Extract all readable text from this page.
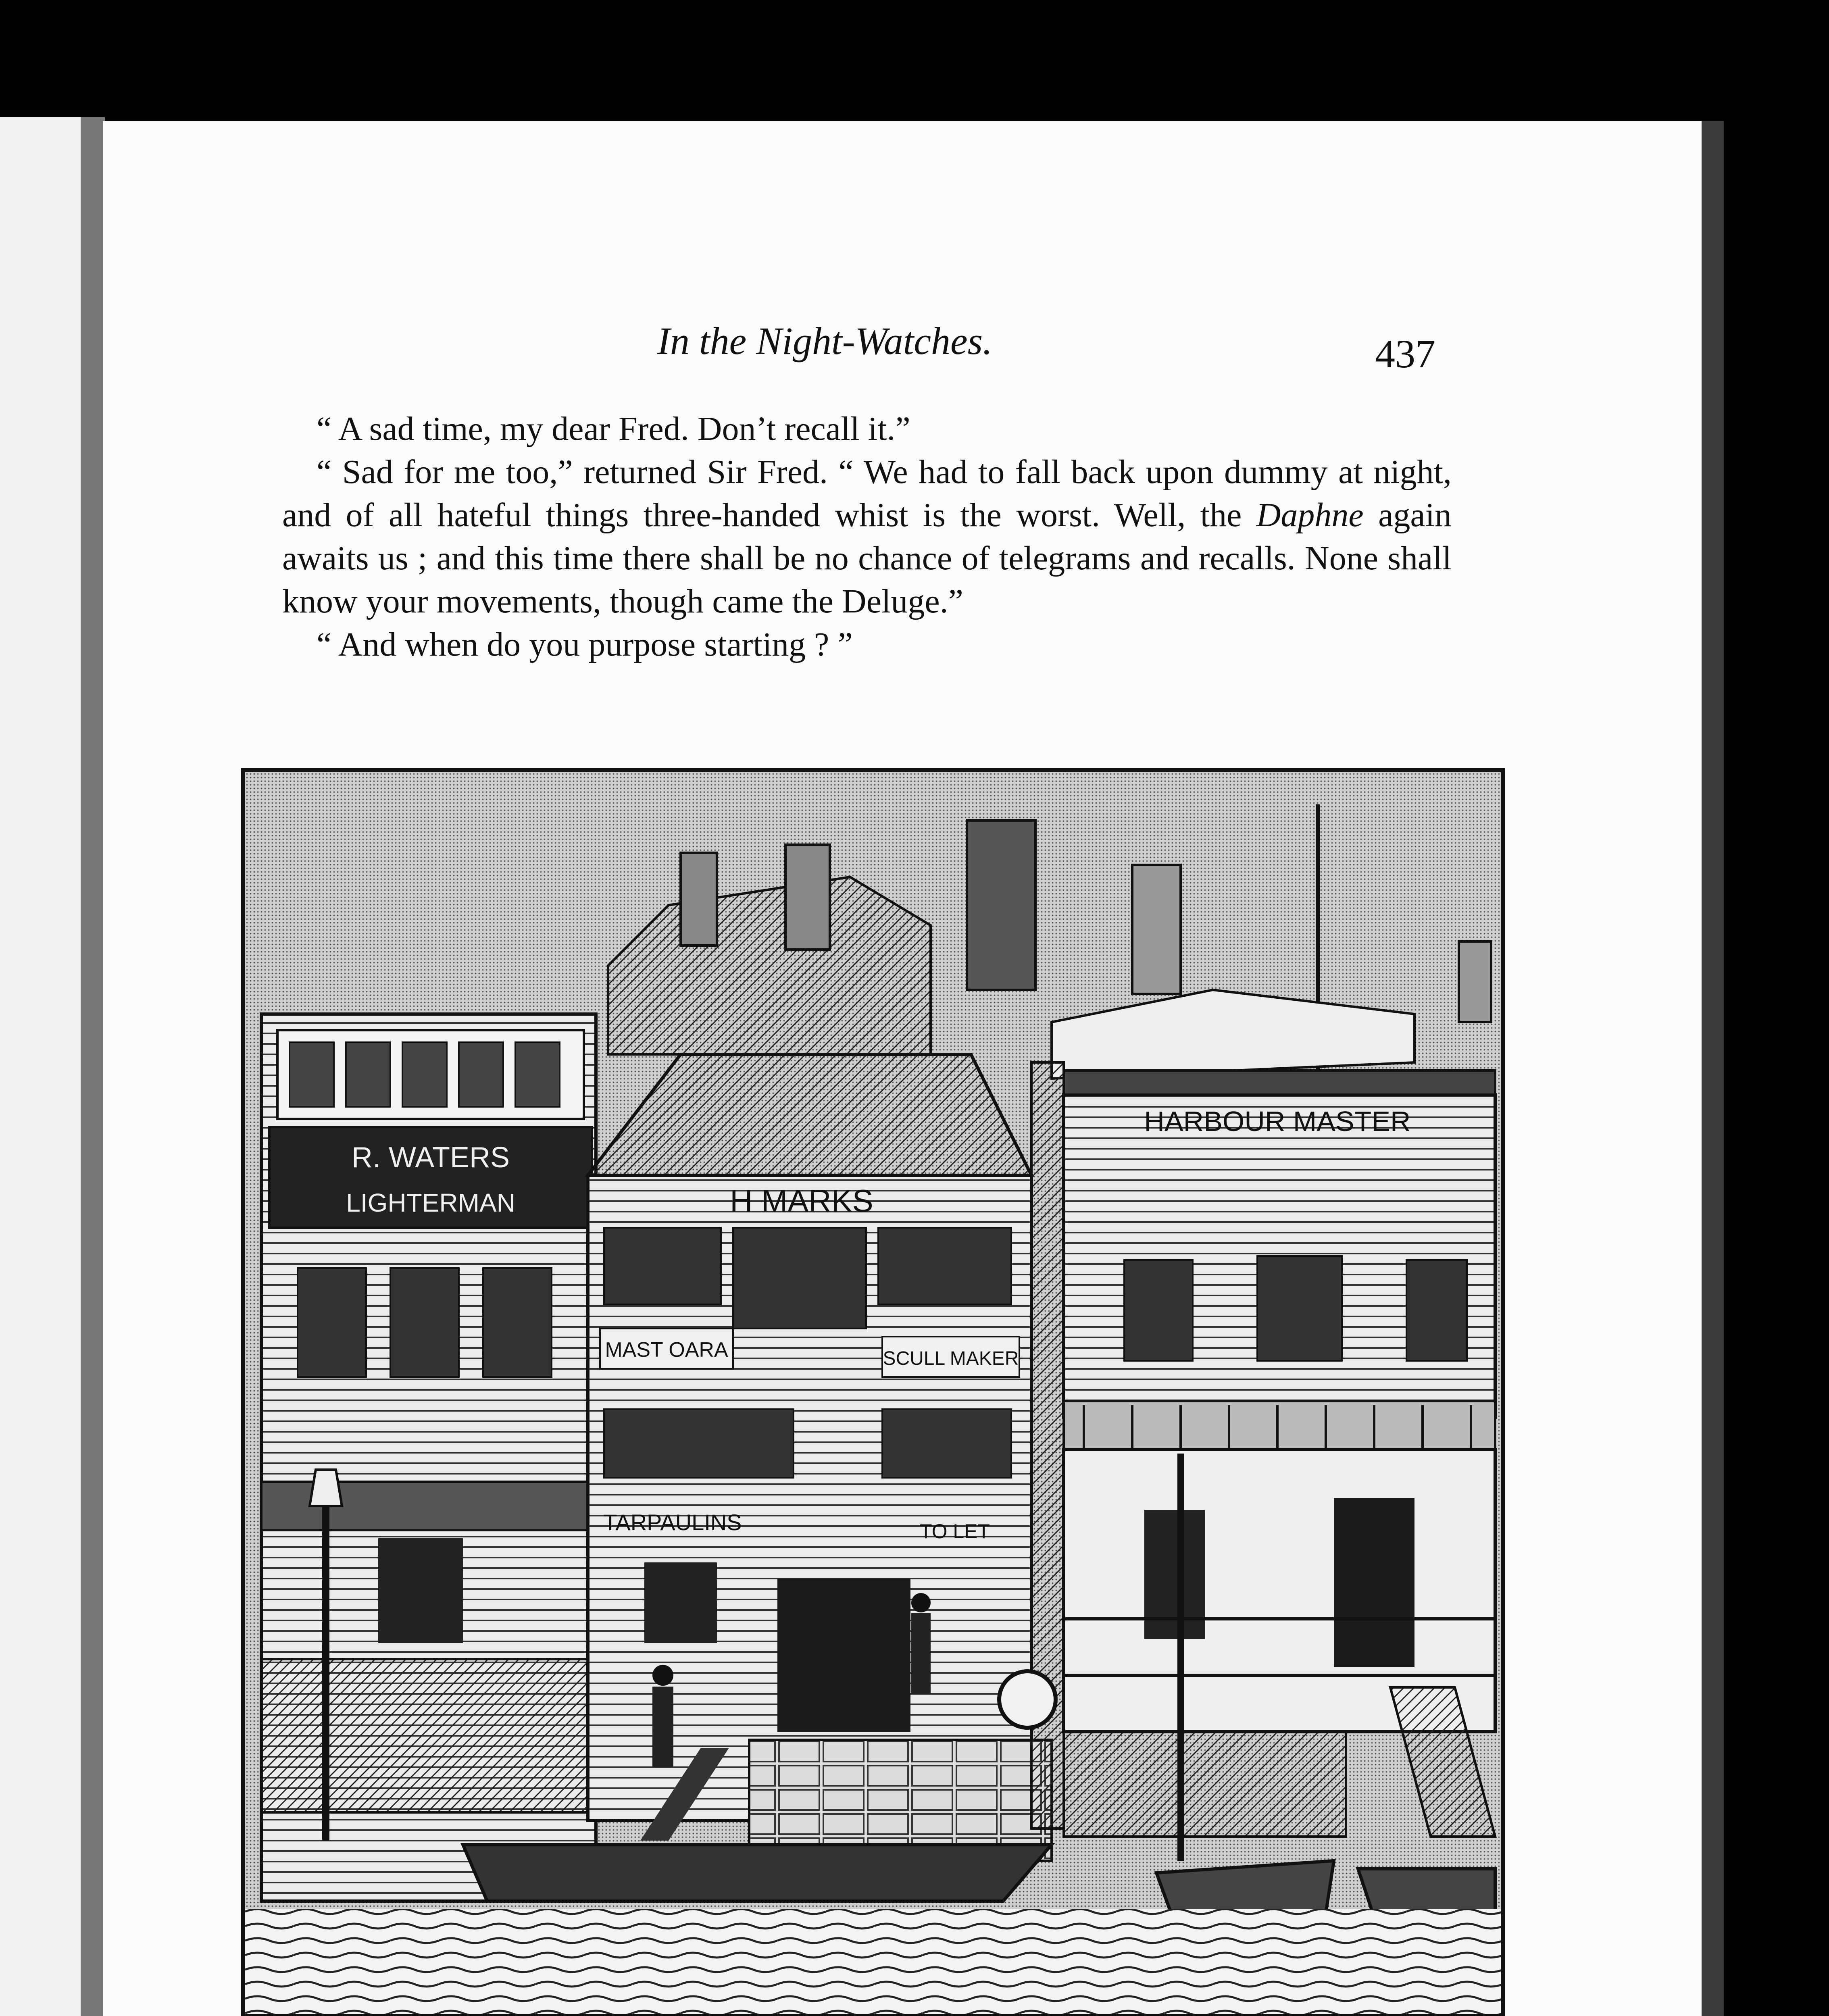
In the Night-Watches.	437

“ A sad time, my dear Fred. Don’t recall it.”

“ Sad for me too,” returned Sir Fred. “ We had to fall back upon dummy at night, and of all hateful things three-handed whist is the worst. Well, the Daphne again awaits us ; and this time there shall be no chance of telegrams and recalls. None shall know your movements, though came the Deluge.”

“ And when do you purpose starting ? ”

R. WATERS
LIGHTERMAN	H MARKS
MAST OARA	SCULL MAKER
TARPAULINS	TO LET
HARBOUR MASTER
